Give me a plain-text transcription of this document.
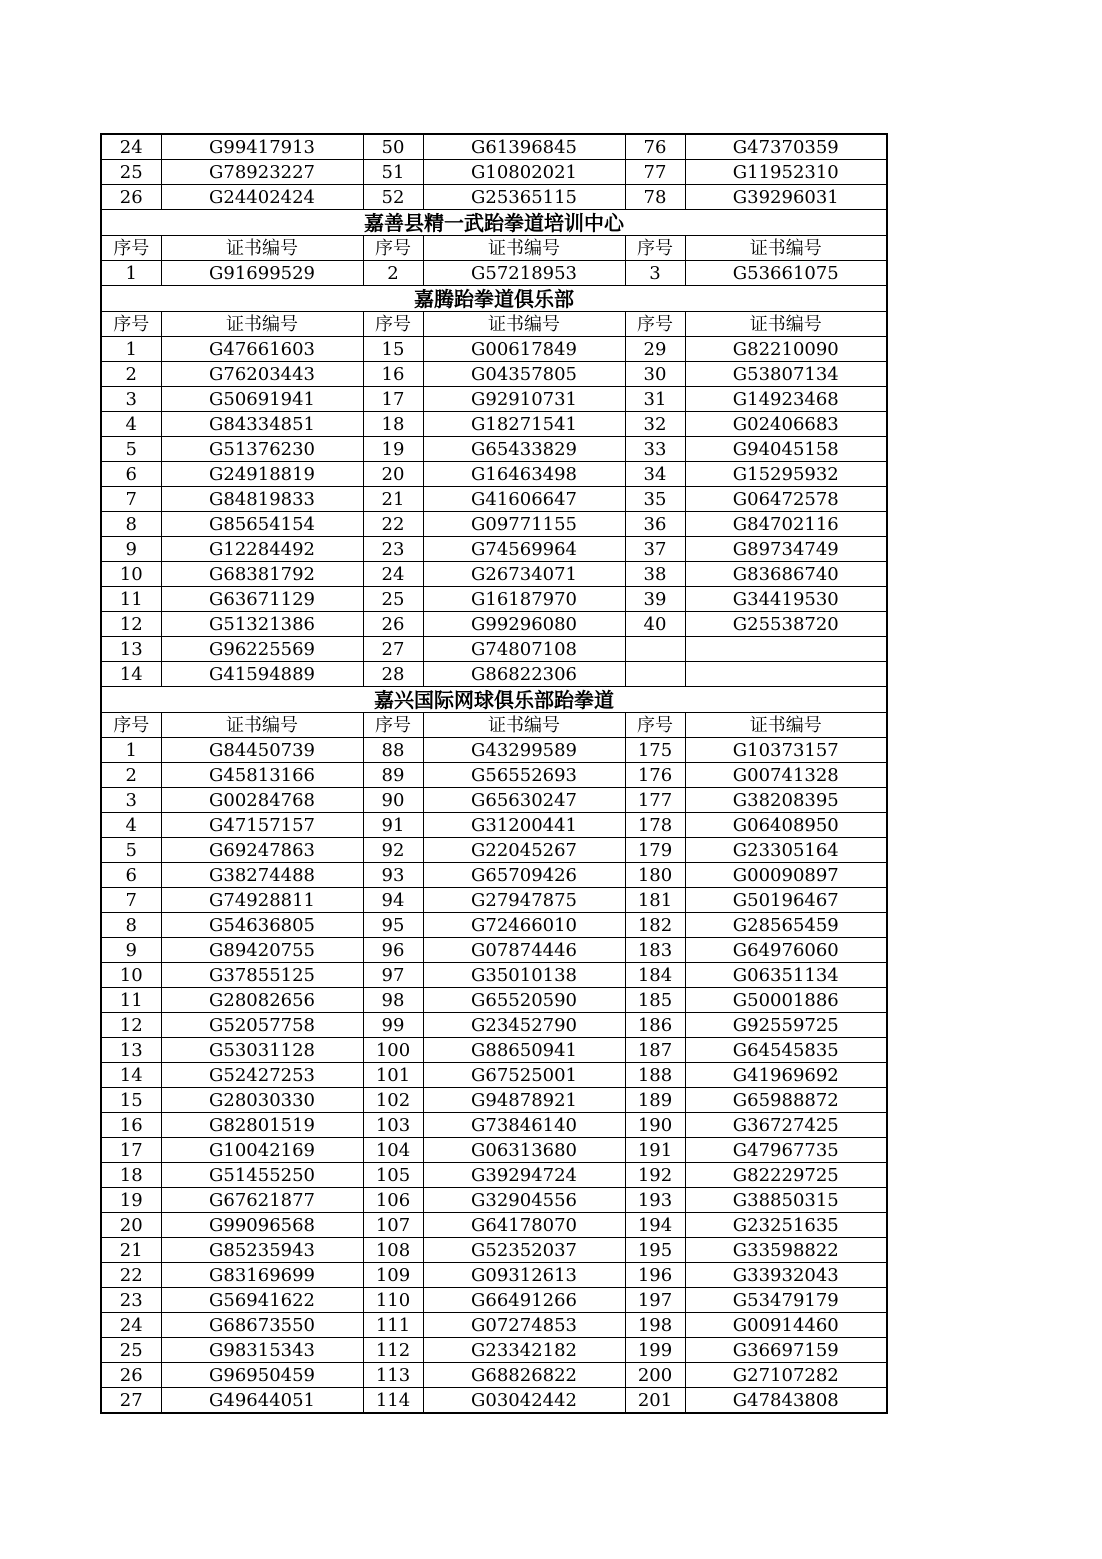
24	G99417913	50	G61396845	76	G47370359
25	G78923227	51	G10802021	77	G11952310
26	G24402424	52	G25365115	78	G39296031
嘉善县精一武跆拳道培训中心					
序号	证书编号	序号	证书编号	序号	证书编号
1	G91699529	2	G57218953	3	G53661075
嘉腾跆拳道俱乐部					
序号	证书编号	序号	证书编号	序号	证书编号
1	G47661603	15	G00617849	29	G82210090
2	G76203443	16	G04357805	30	G53807134
3	G50691941	17	G92910731	31	G14923468
4	G84334851	18	G18271541	32	G02406683
5	G51376230	19	G65433829	33	G94045158
6	G24918819	20	G16463498	34	G15295932
7	G84819833	21	G41606647	35	G06472578
8	G85654154	22	G09771155	36	G84702116
9	G12284492	23	G74569964	37	G89734749
10	G68381792	24	G26734071	38	G83686740
11	G63671129	25	G16187970	39	G34419530
12	G51321386	26	G99296080	40	G25538720
13	G96225569	27	G74807108		
14	G41594889	28	G86822306		
嘉兴国际网球俱乐部跆拳道					
序号	证书编号	序号	证书编号	序号	证书编号
1	G84450739	88	G43299589	175	G10373157
2	G45813166	89	G56552693	176	G00741328
3	G00284768	90	G65630247	177	G38208395
4	G47157157	91	G31200441	178	G06408950
5	G69247863	92	G22045267	179	G23305164
6	G38274488	93	G65709426	180	G00090897
7	G74928811	94	G27947875	181	G50196467
8	G54636805	95	G72466010	182	G28565459
9	G89420755	96	G07874446	183	G64976060
10	G37855125	97	G35010138	184	G06351134
11	G28082656	98	G65520590	185	G50001886
12	G52057758	99	G23452790	186	G92559725
13	G53031128	100	G88650941	187	G64545835
14	G52427253	101	G67525001	188	G41969692
15	G28030330	102	G94878921	189	G65988872
16	G82801519	103	G73846140	190	G36727425
17	G10042169	104	G06313680	191	G47967735
18	G51455250	105	G39294724	192	G82229725
19	G67621877	106	G32904556	193	G38850315
20	G99096568	107	G64178070	194	G23251635
21	G85235943	108	G52352037	195	G33598822
22	G83169699	109	G09312613	196	G33932043
23	G56941622	110	G66491266	197	G53479179
24	G68673550	111	G07274853	198	G00914460
25	G98315343	112	G23342182	199	G36697159
26	G96950459	113	G68826822	200	G27107282
27	G49644051	114	G03042442	201	G47843808
